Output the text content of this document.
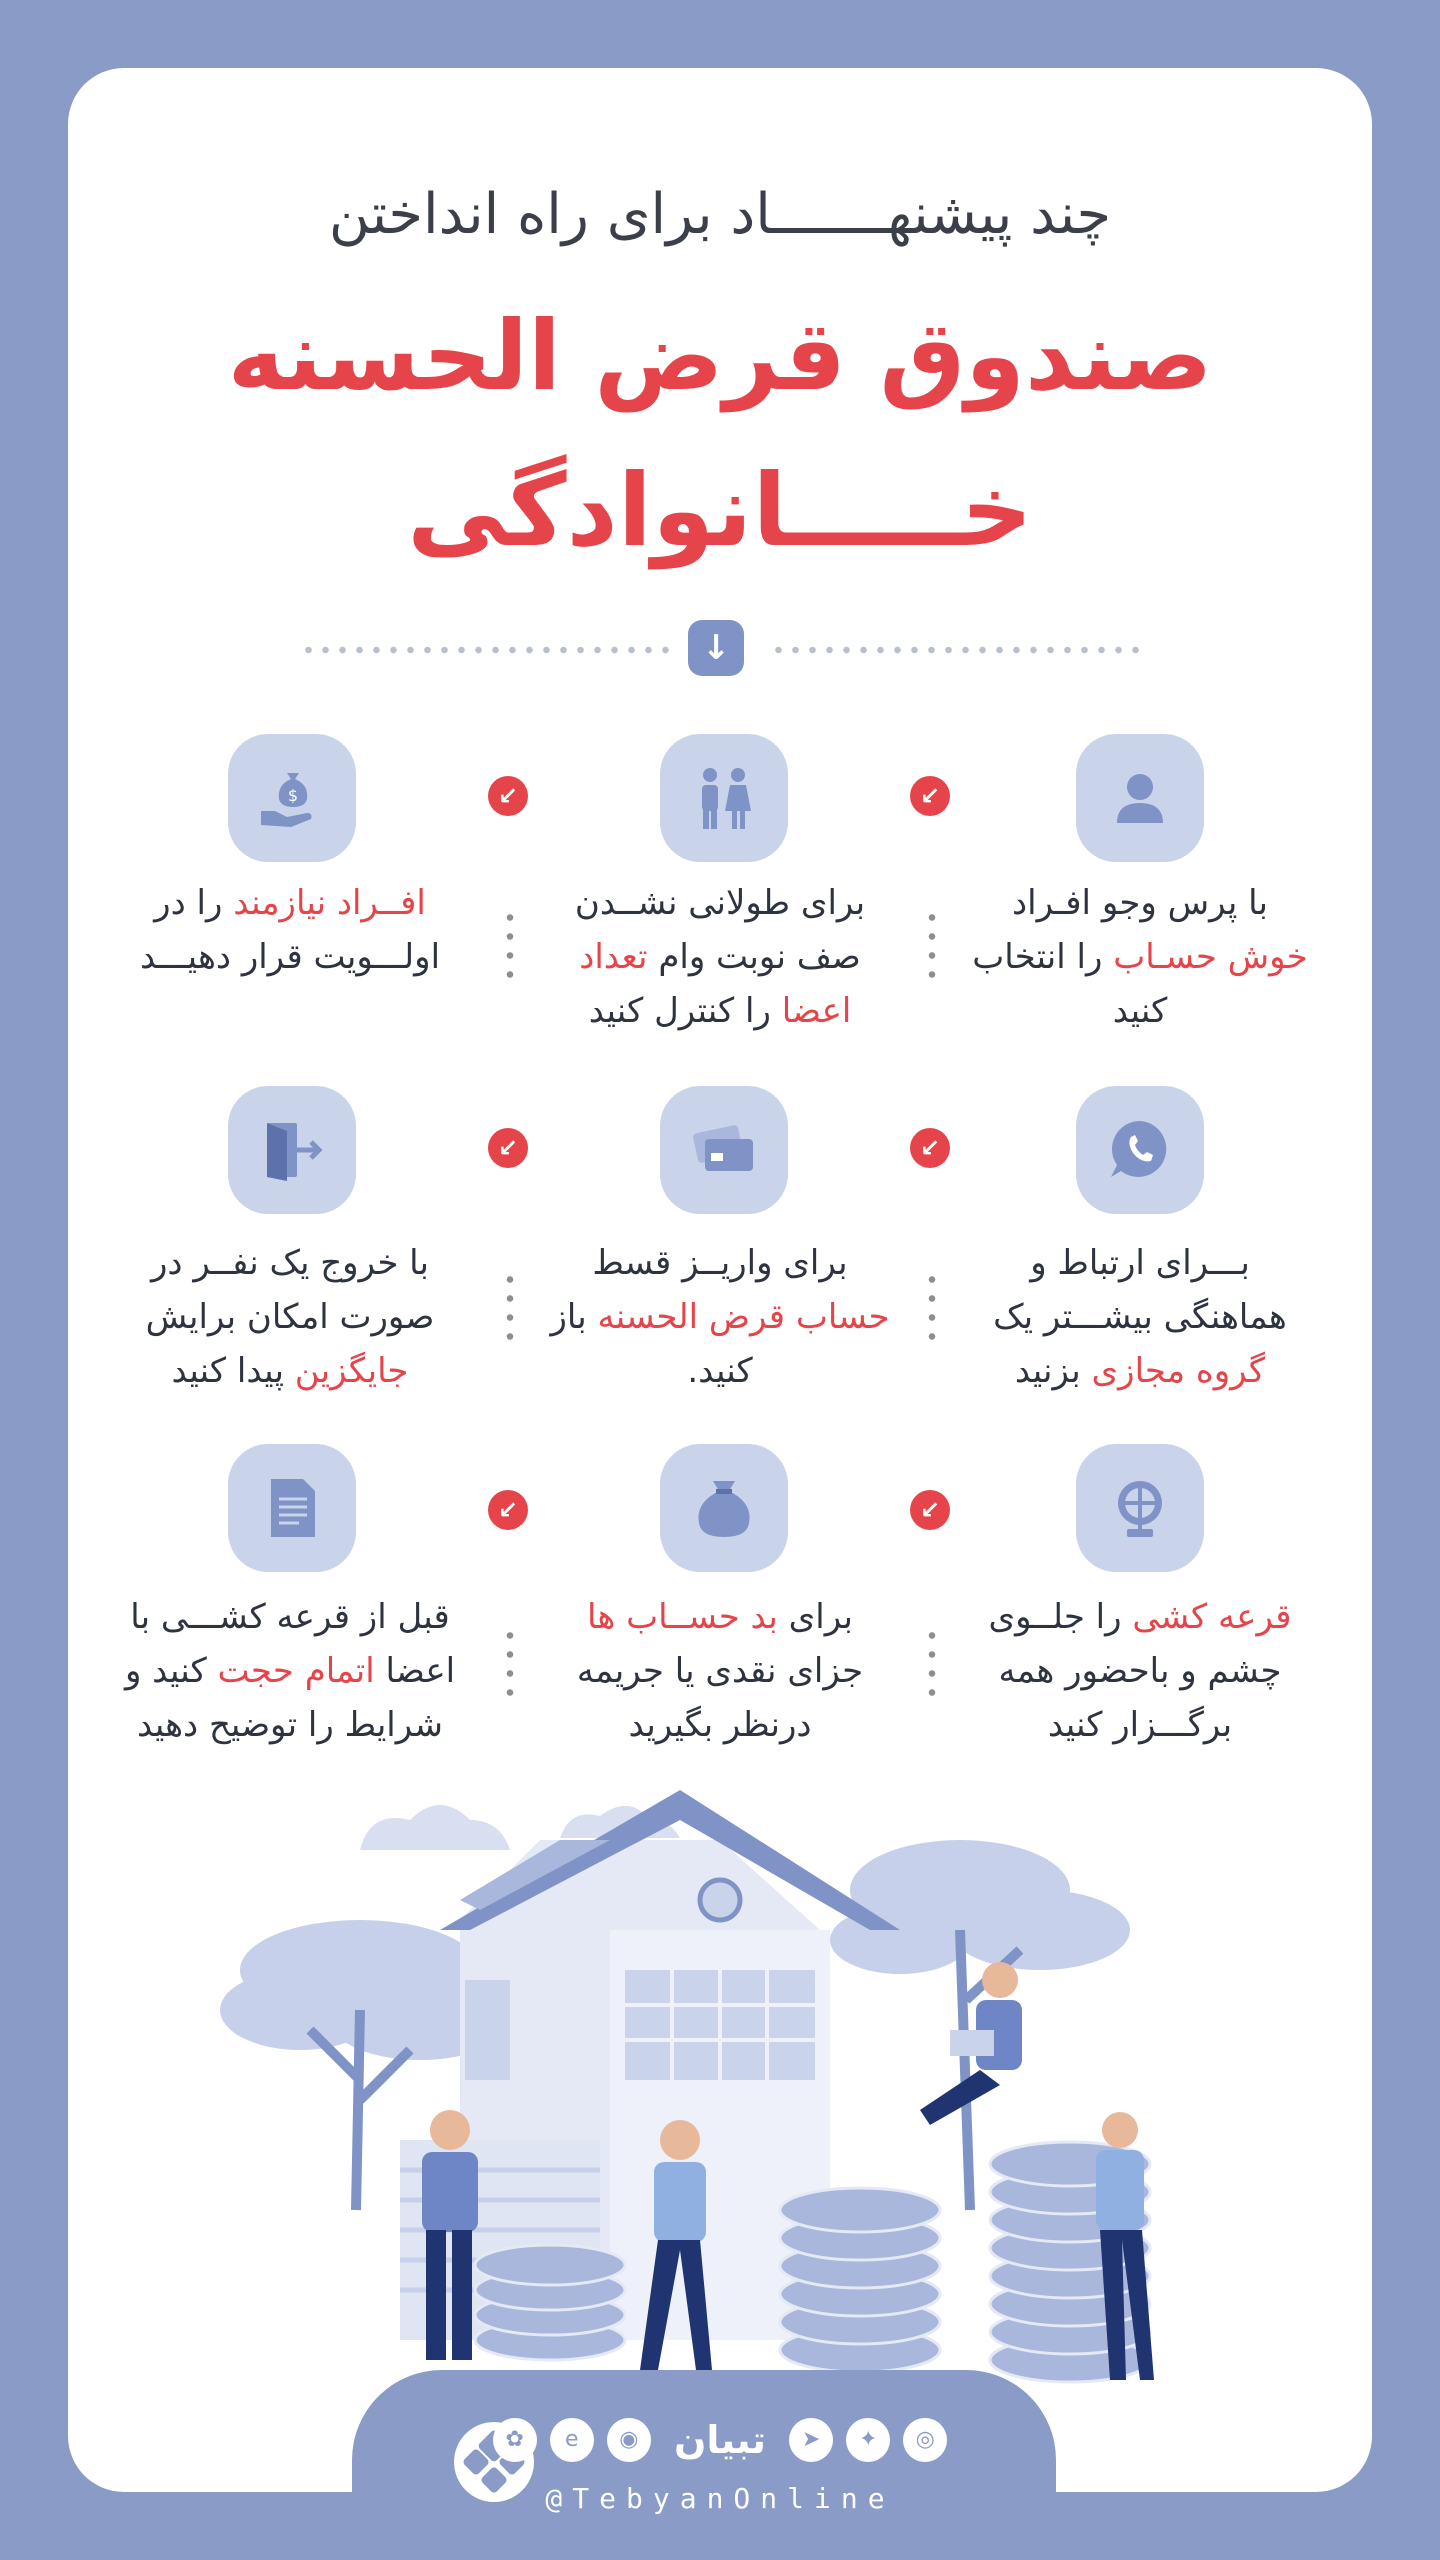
چند پیشنهـــــــاد برای راه انداختن
صندوق قرض الحسنه
خـــــانوادگی
↓
$	↙
↙
با پرس وجو افـراد خوش حسـاب را انتخاب کنید
برای طولانی نشــدن صف نوبت وام تعداد اعضا را کنترل کنید
افــراد نیازمند را در اولـــویت قرار دهیـــد
↙
↙
بـــرای ارتباط و هماهنگی بیشـــتر یک گروه مجازی بزنید
برای واریــز قسط حساب قرض الحسنه باز کنید.
با خروج یک نفــر در صورت امکان برایش جایگزین پیدا کنید
↙
↙
قرعه کشی را جلــوی چشم و باحضور همه برگـــزار کنید
برای بد حســاب ها جزای نقدی یا جریمه درنظر بگیرید
قبل از قرعه کشـــی با اعضا اتمام حجت کنید و شرایط را توضیح دهید
✿ e ◉ تبیان ➤ ✦ ◎
@TebyanOnline
